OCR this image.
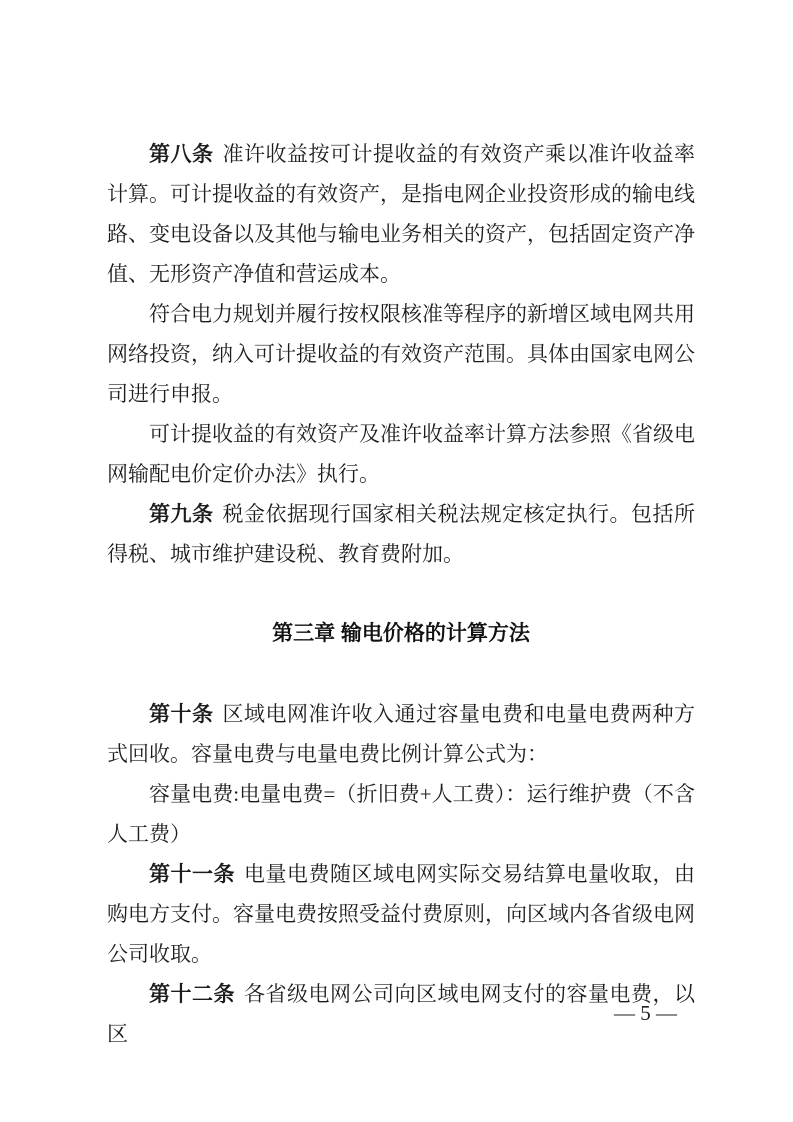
第八条 准许收益按可计提收益的有效资产乘以准许收益率计算。可计提收益的有效资产，是指电网企业投资形成的输电线路、变电设备以及其他与输电业务相关的资产，包括固定资产净值、无形资产净值和营运成本。

符合电力规划并履行按权限核准等程序的新增区域电网共用网络投资，纳入可计提收益的有效资产范围。具体由国家电网公司进行申报。

可计提收益的有效资产及准许收益率计算方法参照《省级电网输配电价定价办法》执行。

第九条 税金依据现行国家相关税法规定核定执行。包括所得税、城市维护建设税、教育费附加。

第三章 输电价格的计算方法

第十条 区域电网准许收入通过容量电费和电量电费两种方式回收。容量电费与电量电费比例计算公式为：

容量电费:电量电费=（折旧费+人工费）：运行维护费（不含人工费）

第十一条 电量电费随区域电网实际交易结算电量收取，由购电方支付。容量电费按照受益付费原则，向区域内各省级电网公司收取。

第十二条 各省级电网公司向区域电网支付的容量电费，以区

— 5 —
